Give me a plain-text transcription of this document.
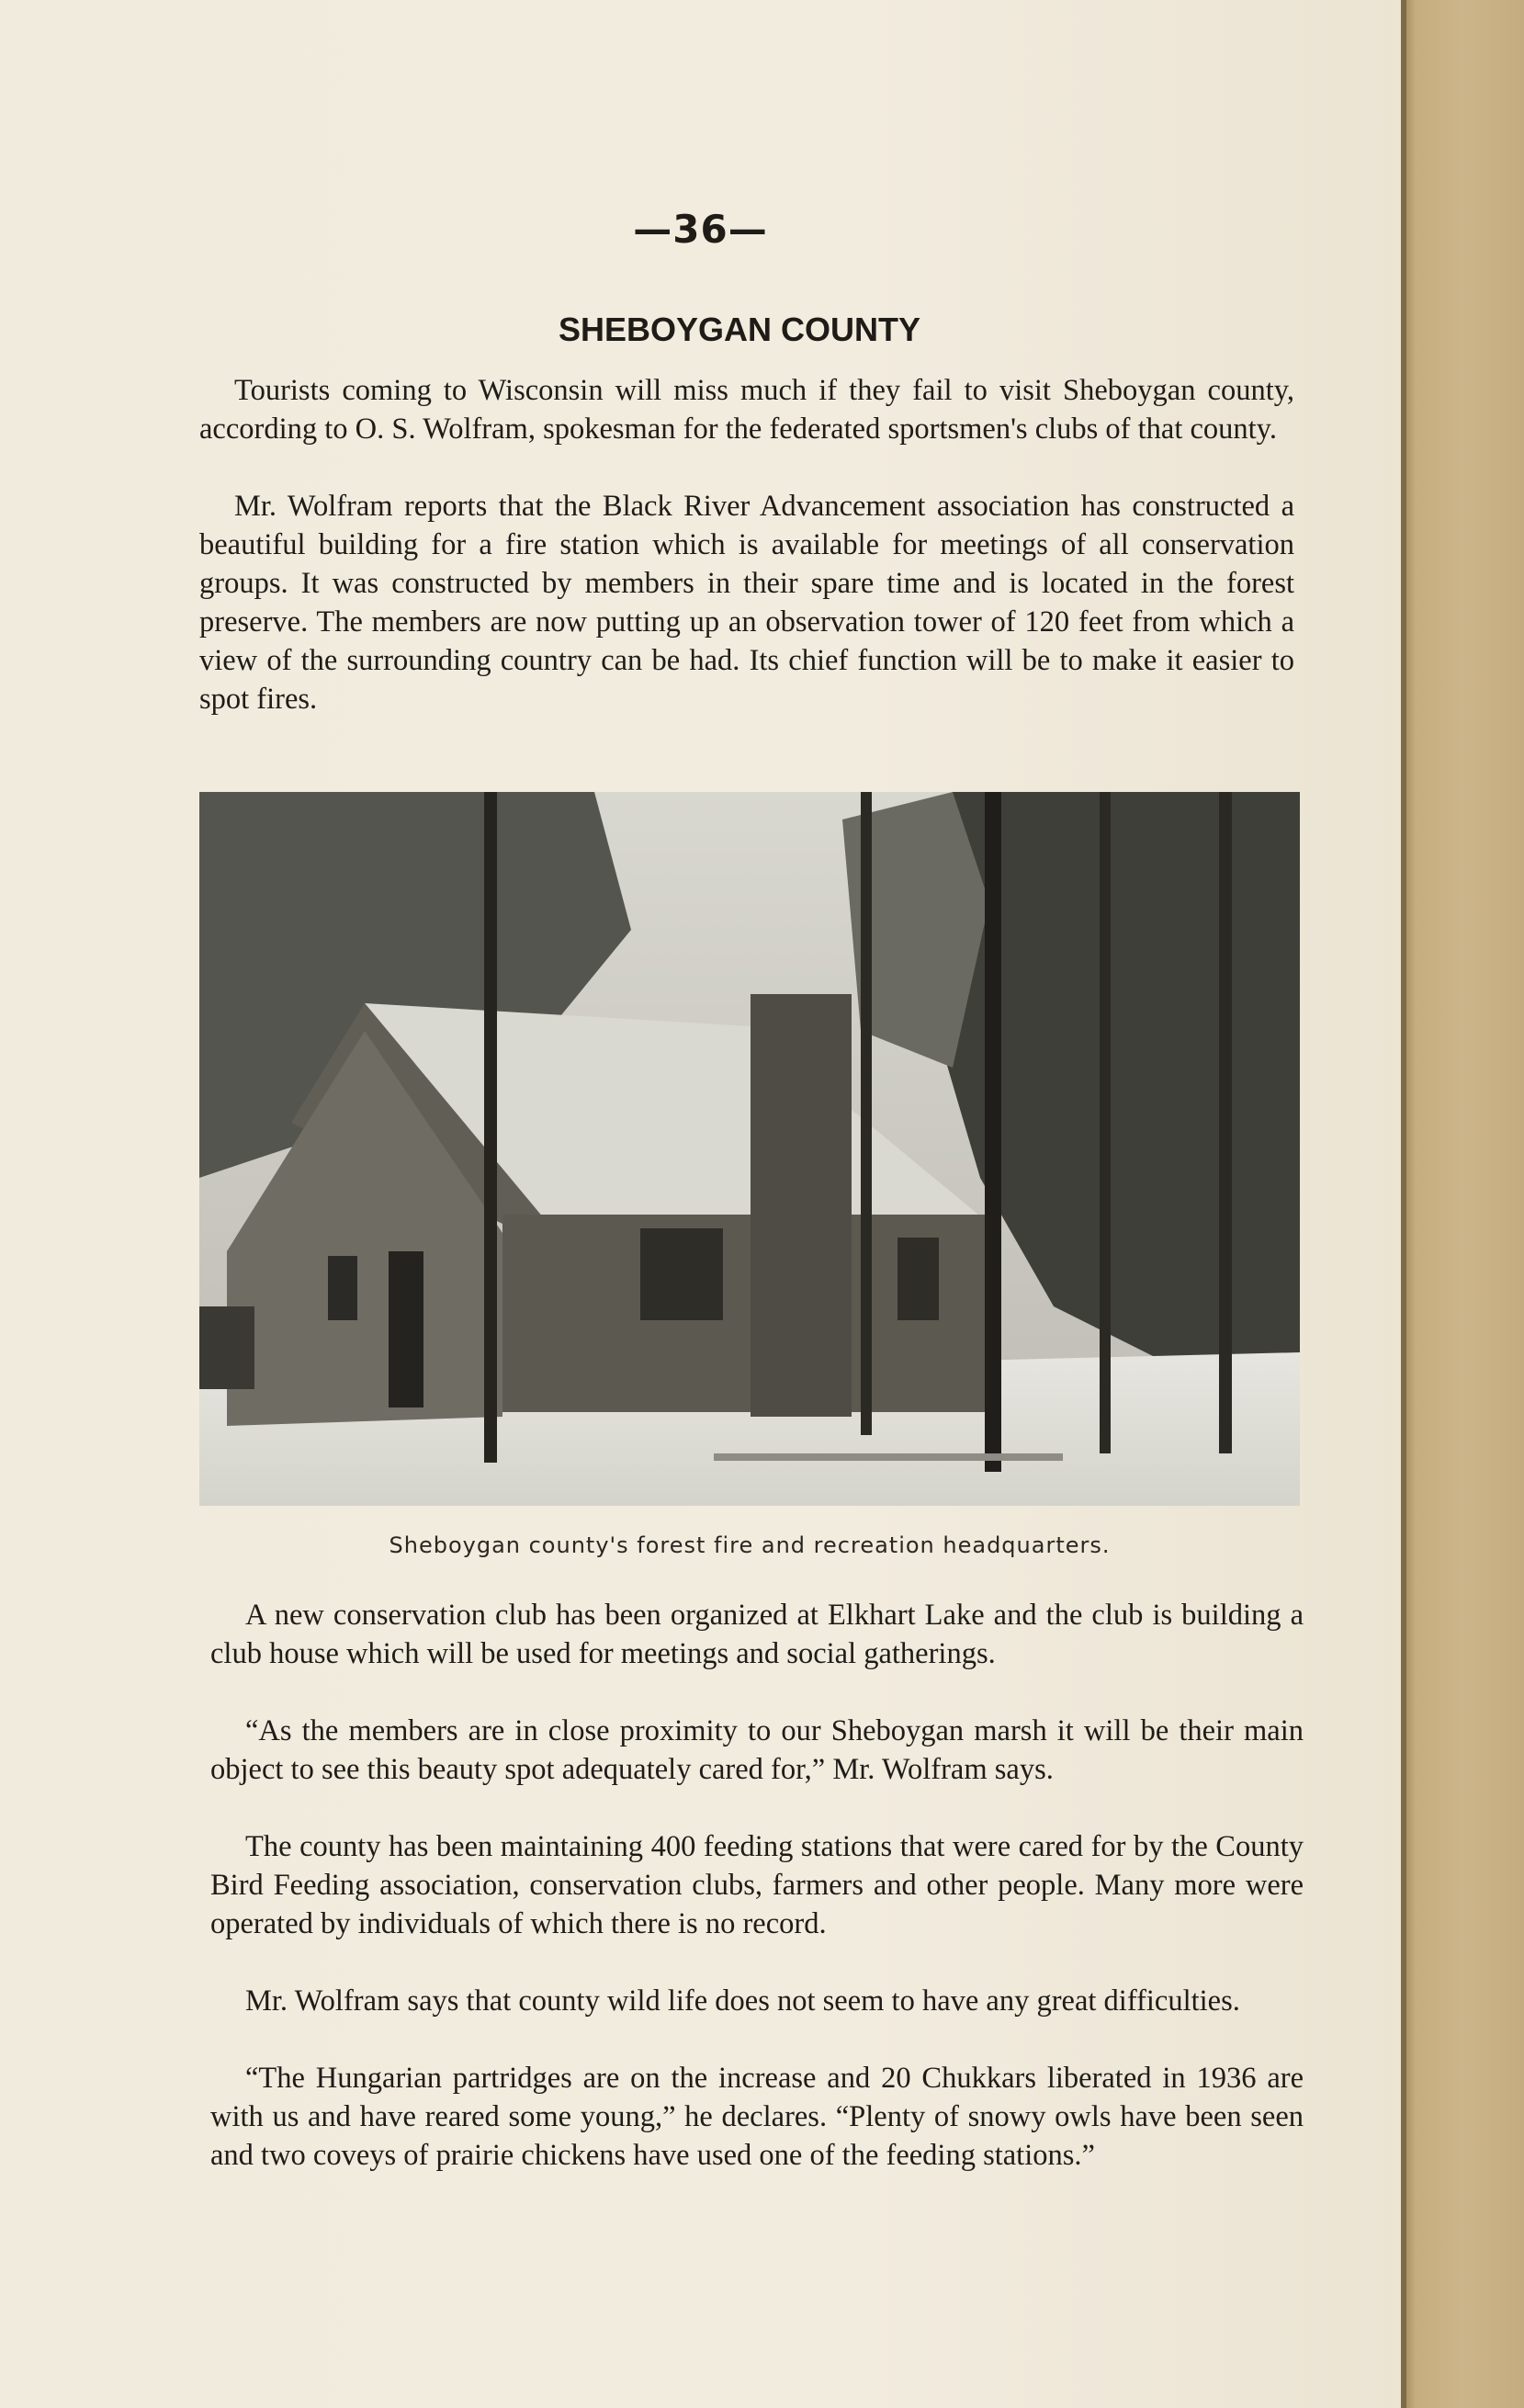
—36—
SHEBOYGAN COUNTY

Tourists coming to Wisconsin will miss much if they fail to visit Sheboygan county, according to O. S. Wolfram, spokesman for the federated sportsmen's clubs of that county.

Mr. Wolfram reports that the Black River Advancement association has constructed a beautiful building for a fire station which is available for meetings of all conservation groups. It was constructed by members in their spare time and is located in the forest preserve. The members are now putting up an observation tower of 120 feet from which a view of the surrounding country can be had. Its chief function will be to make it easier to spot fires.

Sheboygan county's forest fire and recreation headquarters.

A new conservation club has been organized at Elkhart Lake and the club is building a club house which will be used for meetings and social gatherings.

“As the members are in close proximity to our Sheboygan marsh it will be their main object to see this beauty spot adequately cared for,” Mr. Wolfram says.

The county has been maintaining 400 feeding stations that were cared for by the County Bird Feeding association, conservation clubs, farmers and other people. Many more were operated by individuals of which there is no record.

Mr. Wolfram says that county wild life does not seem to have any great difficulties.

“The Hungarian partridges are on the increase and 20 Chukkars liberated in 1936 are with us and have reared some young,” he declares. “Plenty of snowy owls have been seen and two coveys of prairie chickens have used one of the feeding stations.”
